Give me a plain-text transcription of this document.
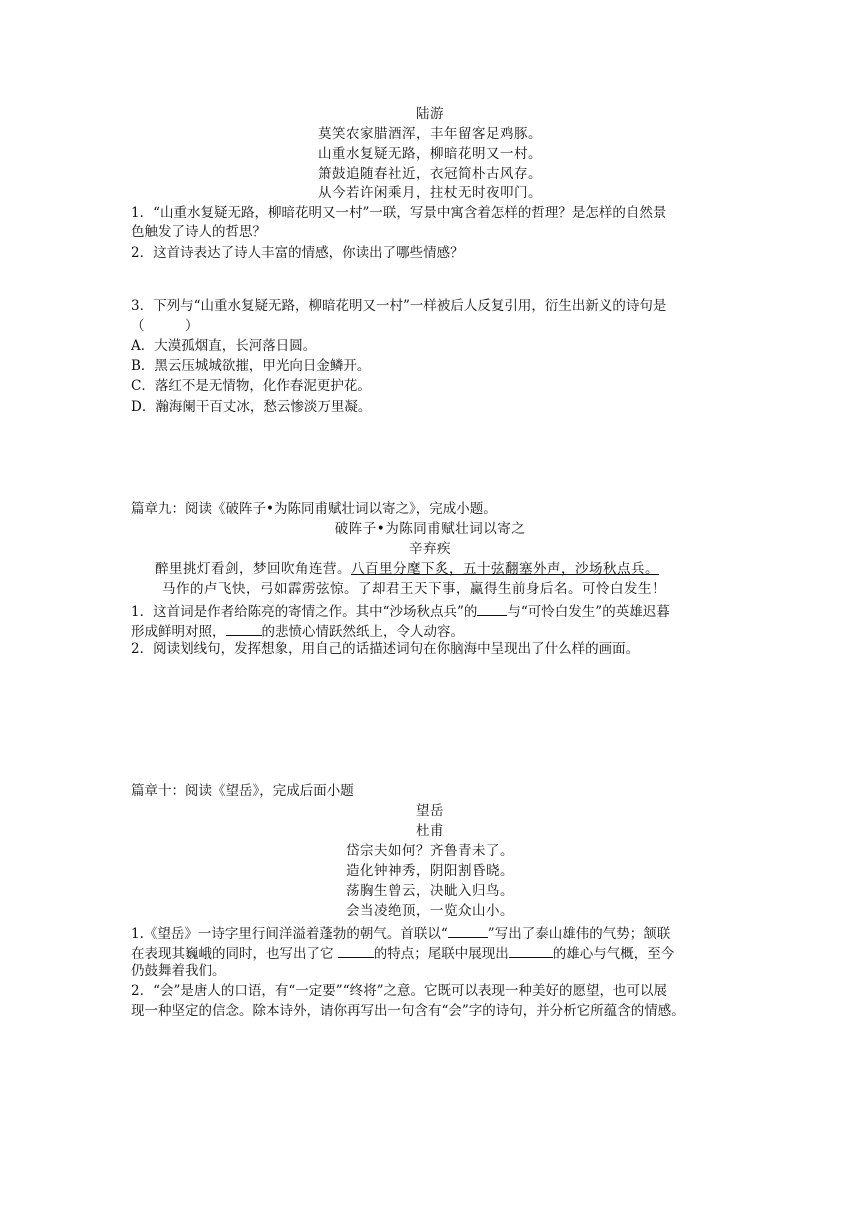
陆游
莫笑农家腊酒浑，丰年留客足鸡豚。
山重水复疑无路，柳暗花明又一村。
箫鼓追随春社近，衣冠简朴古风存。
从今若许闲乘月，拄杖无时夜叩门。
1．“山重水复疑无路，柳暗花明又一村”一联，写景中寓含着怎样的哲理？是怎样的自然景
色触发了诗人的哲思？
2．这首诗表达了诗人丰富的情感，你读出了哪些情感？
3．下列与“山重水复疑无路，柳暗花明又一村”一样被后人反复引用，衍生出新义的诗句是
（　　　）
A．大漠孤烟直，长河落日圆。
B．黑云压城城欲摧，甲光向日金鳞开。
C．落红不是无情物，化作春泥更护花。
D．瀚海阑干百丈冰，愁云惨淡万里凝。
篇章九：阅读《破阵子•为陈同甫赋壮词以寄之》，完成小题。
破阵子•为陈同甫赋壮词以寄之
辛弃疾
醉里挑灯看剑，梦回吹角连营。八百里分麾下炙，五十弦翻塞外声，沙场秋点兵。
马作的卢飞快，弓如霹雳弦惊。了却君王天下事，赢得生前身后名。可怜白发生！
1．这首词是作者给陈亮的寄情之作。其中“沙场秋点兵”的 与“可怜白发生”的英雄迟暮
形成鲜明对照，	的悲愤心情跃然纸上，令人动容。
2．阅读划线句，发挥想象，用自己的话描述词句在你脑海中呈现出了什么样的画面。
篇章十：阅读《望岳》，完成后面小题
望岳
杜甫
岱宗夫如何？齐鲁青未了。
造化钟神秀，阴阳割昏晓。
荡胸生曾云，决眦入归鸟。
会当凌绝顶，一览众山小。
1.《望岳》一诗字里行间洋溢着蓬勃的朝气。首联以“	”写出了泰山雄伟的气势；颔联
在表现其巍峨的同时，也写出了它	的特点；尾联中展现出	的雄心与气概，至今
仍鼓舞着我们。
2．“会”是唐人的口语，有“一定要”“终将”之意。它既可以表现一种美好的愿望，也可以展
现一种坚定的信念。除本诗外，请你再写出一句含有“会”字的诗句，并分析它所蕴含的情感。
